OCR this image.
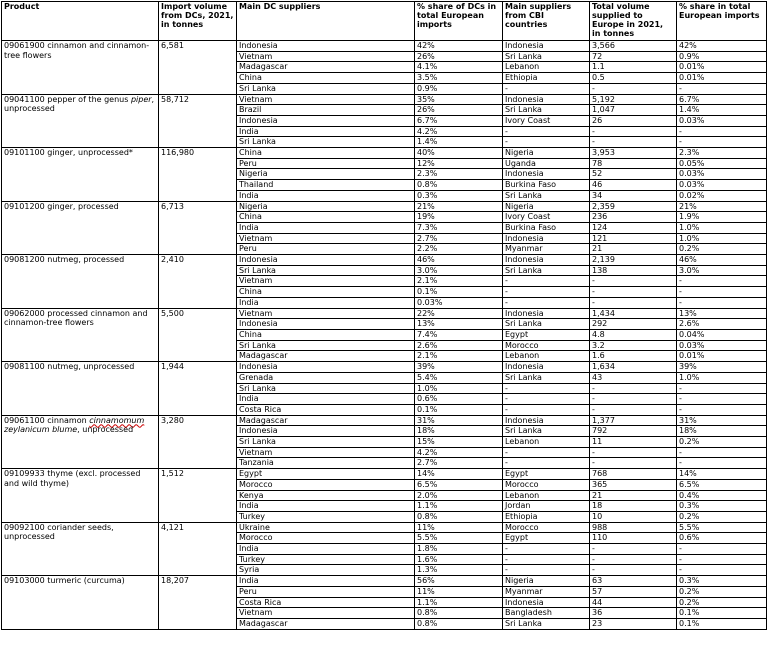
Product	Import volume from DCs, 2021, in tonnes	Main DC suppliers	% share of DCs in total European imports	Main suppliers from CBI countries	Total volume supplied to Europe in 2021, in tonnes	% share in total European imports
09061900 cinnamon and cinnamon-tree flowers	6,581	Indonesia	42%	Indonesia	3,566	42%
		Vietnam	26%	Sri Lanka	72	0.9%
		Madagascar	4.1%	Lebanon	1.1	0.01%
		China	3.5%	Ethiopia	0.5	0.01%
		Sri Lanka	0.9%	-	-	-
09041100 pepper of the genus piper, unprocessed	58,712	Vietnam	35%	Indonesia	5,192	6.7%
		Brazil	26%	Sri Lanka	1,047	1.4%
		Indonesia	6.7%	Ivory Coast	26	0.03%
		India	4.2%	-	-	-
		Sri Lanka	1.4%	-	-	-
09101100 ginger, unprocessed*	116,980	China	40%	Nigeria	3,953	2.3%
		Peru	12%	Uganda	78	0.05%
		Nigeria	2.3%	Indonesia	52	0.03%
		Thailand	0.8%	Burkina Faso	46	0.03%
		India	0.3%	Sri Lanka	34	0.02%
09101200 ginger, processed	6,713	Nigeria	21%	Nigeria	2,359	21%
		China	19%	Ivory Coast	236	1.9%
		India	7.3%	Burkina Faso	124	1.0%
		Vietnam	2.7%	Indonesia	121	1.0%
		Peru	2.2%	Myanmar	21	0.2%
09081200 nutmeg, processed	2,410	Indonesia	46%	Indonesia	2,139	46%
		Sri Lanka	3.0%	Sri Lanka	138	3.0%
		Vietnam	2.1%	-	-	-
		China	0.1%	-	-	-
		India	0.03%	-	-	-
09062000 processed cinnamon and cinnamon-tree flowers	5,500	Vietnam	22%	Indonesia	1,434	13%
		Indonesia	13%	Sri Lanka	292	2.6%
		China	7.4%	Egypt	4.8	0.04%
		Sri Lanka	2.6%	Morocco	3.2	0.03%
		Madagascar	2.1%	Lebanon	1.6	0.01%
09081100 nutmeg, unprocessed	1,944	Indonesia	39%	Indonesia	1,634	39%
		Grenada	5.4%	Sri Lanka	43	1.0%
		Sri Lanka	1.0%	-	-	-
		India	0.6%	-	-	-
		Costa Rica	0.1%	-	-	-
09061100 cinnamon cinnamomum zeylanicum blume, unprocessed	3,280	Madagascar	31%	Indonesia	1,377	31%
		Indonesia	18%	Sri Lanka	792	18%
		Sri Lanka	15%	Lebanon	11	0.2%
		Vietnam	4.2%	-	-	-
		Tanzania	2.7%	-	-	-
09109933 thyme (excl. processed and wild thyme)	1,512	Egypt	14%	Egypt	768	14%
		Morocco	6.5%	Morocco	365	6.5%
		Kenya	2.0%	Lebanon	21	0.4%
		India	1.1%	Jordan	18	0.3%
		Turkey	0.8%	Ethiopia	10	0.2%
09092100 coriander seeds, unprocessed	4,121	Ukraine	11%	Morocco	988	5.5%
		Morocco	5.5%	Egypt	110	0.6%
		India	1.8%	-	-	-
		Turkey	1.6%	-	-	-
		Syria	1.3%	-	-	-
09103000 turmeric (curcuma)	18,207	India	56%	Nigeria	63	0.3%
		Peru	11%	Myanmar	57	0.2%
		Costa Rica	1.1%	Indonesia	44	0.2%
		Vietnam	0.8%	Bangladesh	36	0.1%
		Madagascar	0.8%	Sri Lanka	23	0.1%
